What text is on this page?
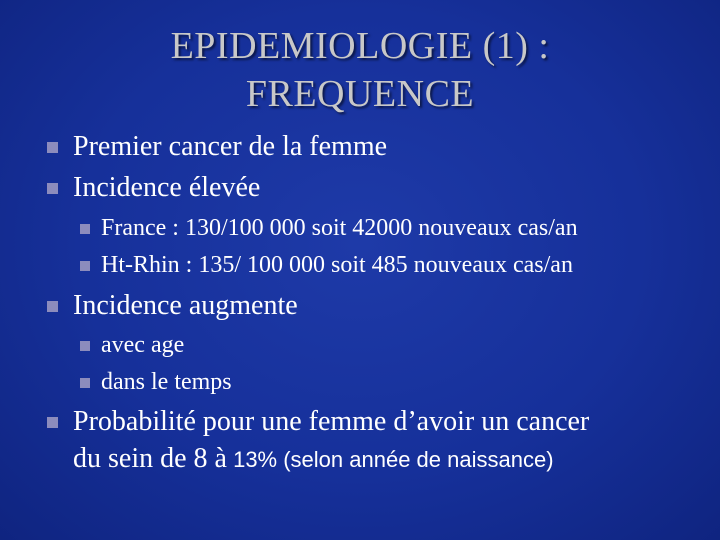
EPIDEMIOLOGIE (1) :
FREQUENCE
Premier cancer de la femme
Incidence élevée
France : 130/100 000 soit 42000 nouveaux cas/an
Ht-Rhin : 135/ 100 000 soit 485 nouveaux cas/an
Incidence augmente
avec age
dans le temps
Probabilité pour une femme d’avoir un cancer
du sein de 8 à 13% (selon année de naissance)
